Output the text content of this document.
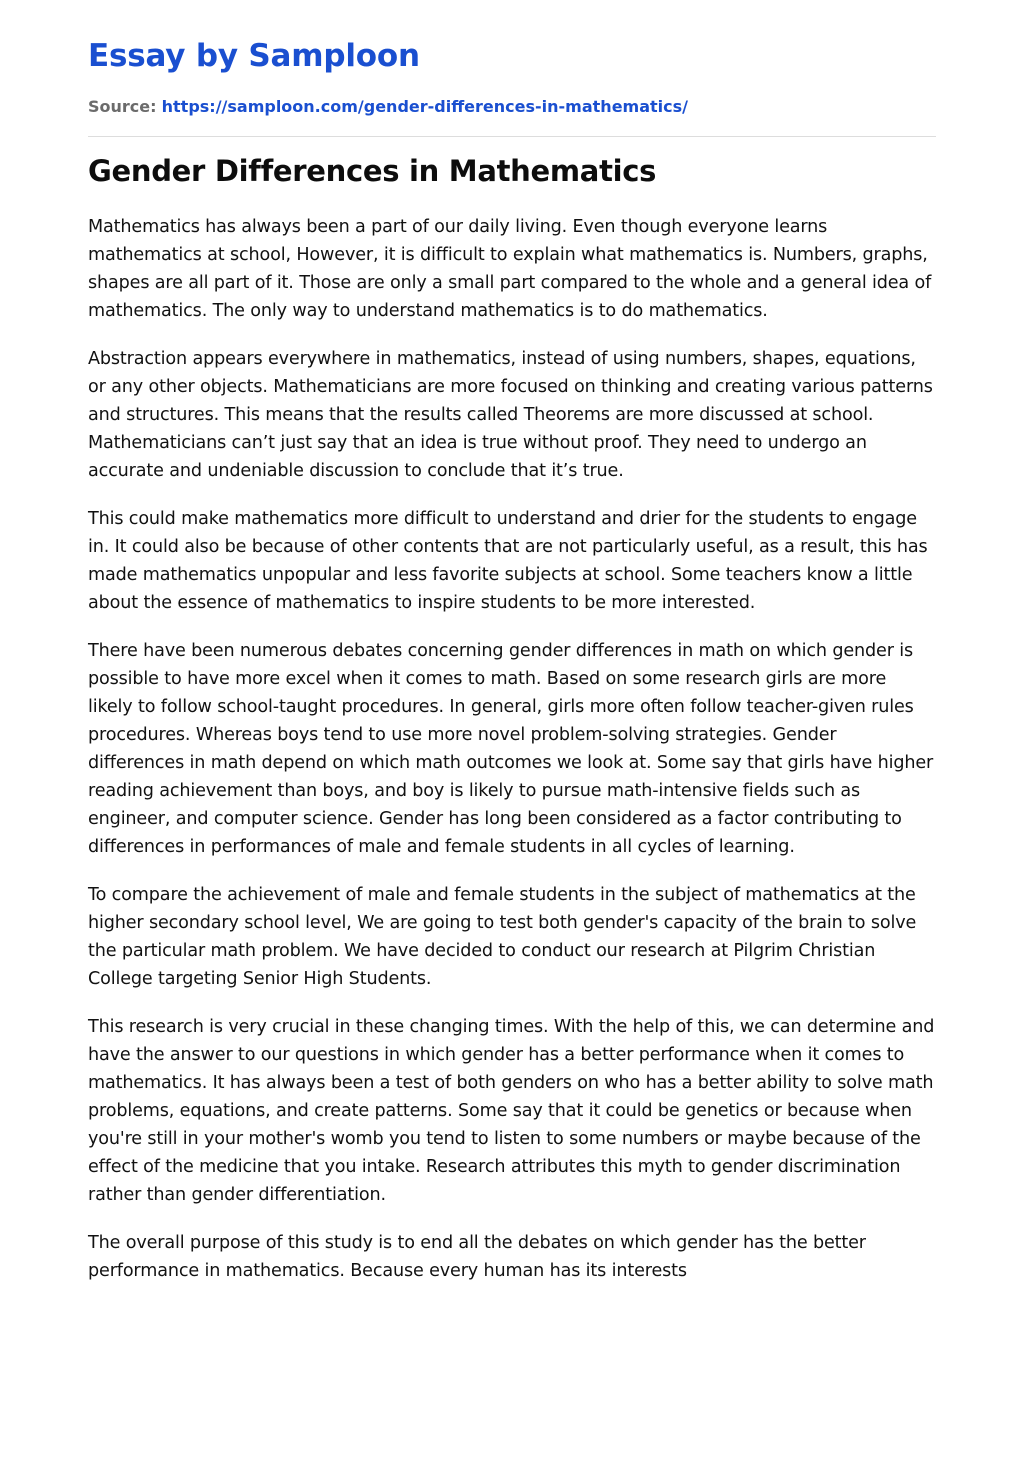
Essay by Samploon
Source: https://samploon.com/gender-differences-in-mathematics/
Gender Differences in Mathematics

Mathematics has always been a part of our daily living. Even though everyone learns mathematics at school, However, it is difficult to explain what mathematics is. Numbers, graphs, shapes are all part of it. Those are only a small part compared to the whole and a general idea of mathematics. The only way to understand mathematics is to do mathematics.

Abstraction appears everywhere in mathematics, instead of using numbers, shapes, equations, or any other objects. Mathematicians are more focused on thinking and creating various patterns and structures. This means that the results called Theorems are more discussed at school. Mathematicians can’t just say that an idea is true without proof. They need to undergo an accurate and undeniable discussion to conclude that it’s true.

This could make mathematics more difficult to understand and drier for the students to engage in. It could also be because of other contents that are not particularly useful, as a result, this has made mathematics unpopular and less favorite subjects at school. Some teachers know a little about the essence of mathematics to inspire students to be more interested.

There have been numerous debates concerning gender differences in math on which gender is possible to have more excel when it comes to math. Based on some research girls are more likely to follow school-taught procedures. In general, girls more often follow teacher-given rules procedures. Whereas boys tend to use more novel problem-solving strategies. Gender differences in math depend on which math outcomes we look at. Some say that girls have higher reading achievement than boys, and boy is likely to pursue math-intensive fields such as engineer, and computer science. Gender has long been considered as a factor contributing to differences in performances of male and female students in all cycles of learning.

To compare the achievement of male and female students in the subject of mathematics at the higher secondary school level, We are going to test both gender's capacity of the brain to solve the particular math problem. We have decided to conduct our research at Pilgrim Christian College targeting Senior High Students.

This research is very crucial in these changing times. With the help of this, we can determine and have the answer to our questions in which gender has a better performance when it comes to mathematics. It has always been a test of both genders on who has a better ability to solve math problems, equations, and create patterns. Some say that it could be genetics or because when you're still in your mother's womb you tend to listen to some numbers or maybe because of the effect of the medicine that you intake. Research attributes this myth to gender discrimination rather than gender differentiation.

The overall purpose of this study is to end all the debates on which gender has the better performance in mathematics. Because every human has its interests
